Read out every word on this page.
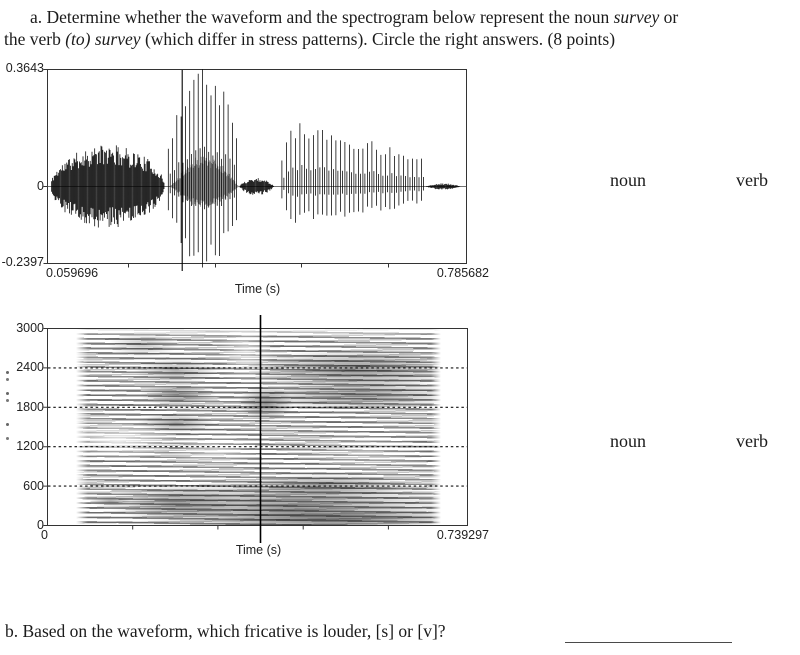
a. Determine whether the waveform and the spectrogram below represent the noun survey or
the verb (to) survey (which differ in stress patterns). Circle the right answers. (8 points)
0.3643
0
-0.2397
0.059696	0.785682
Time (s)
noun	verb
3000
2400
1800
1200
600
0
0	0.739297
Time (s)
noun	verb
b. Based on the waveform, which fricative is louder, [s] or [v]?
